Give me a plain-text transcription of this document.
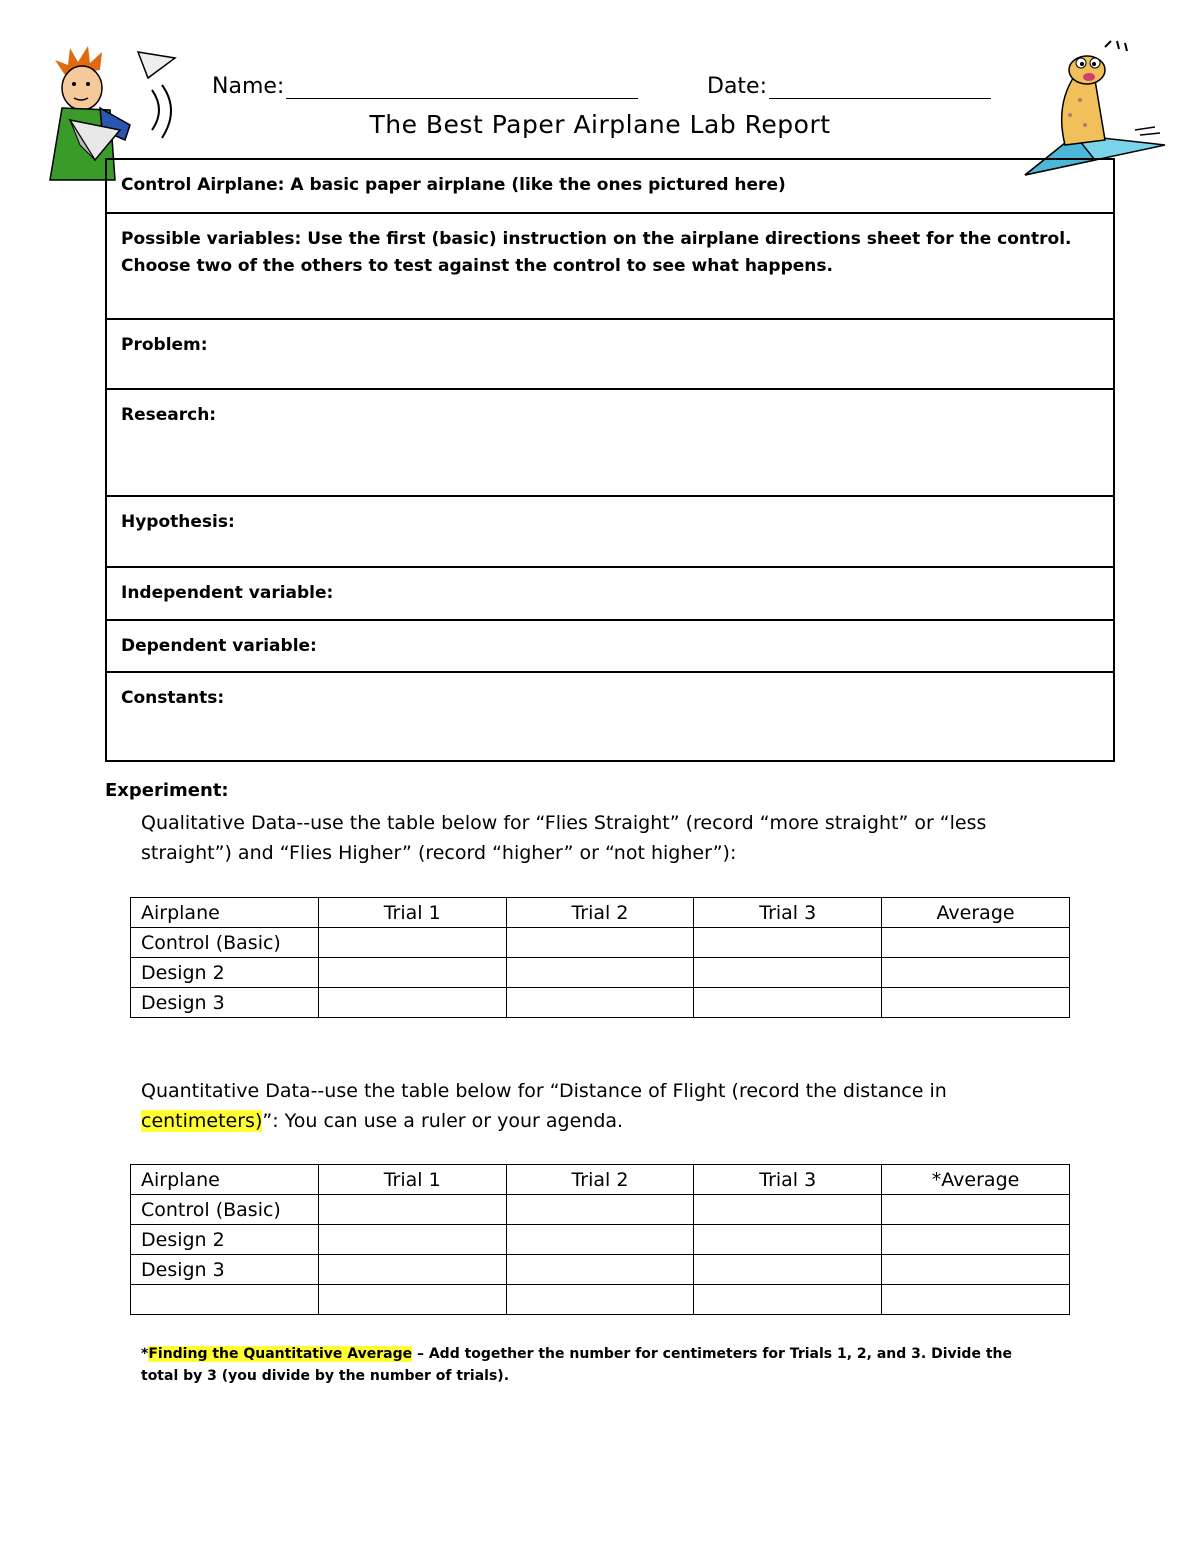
Name:	Date:
The Best Paper Airplane Lab Report
Control Airplane: A basic paper airplane (like the ones pictured here)
Possible variables: Use the first (basic) instruction on the airplane directions sheet for the control. Choose two of the others to test against the control to see what happens.
Problem:
Research:
Hypothesis:
Independent variable:
Dependent variable:
Constants:
Experiment:
Qualitative Data--use the table below for “Flies Straight” (record “more straight” or “less straight”) and “Flies Higher” (record “higher” or “not higher”):
Airplane	Trial 1	Trial 2	Trial 3	Average
Control (Basic)				
Design 2				
Design 3				
Quantitative Data--use the table below for “Distance of Flight (record the distance in centimeters)”: You can use a ruler or your agenda.
Airplane	Trial 1	Trial 2	Trial 3	*Average
Control (Basic)				
Design 2				
Design 3				

*Finding the Quantitative Average – Add together the number for centimeters for Trials 1, 2, and 3. Divide the total by 3 (you divide by the number of trials).
